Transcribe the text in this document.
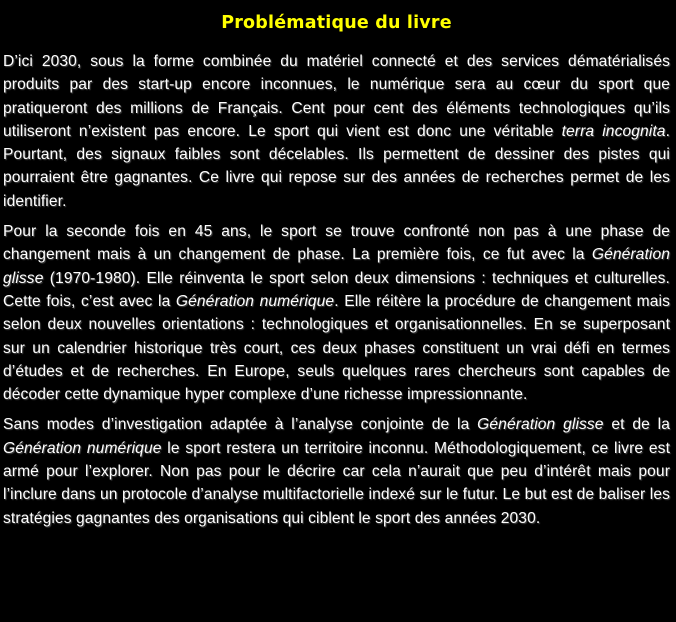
Problématique du livre

D’ici 2030, sous la forme combinée du matériel connecté et des services dématérialisés produits par des start-up encore inconnues, le numérique sera au cœur du sport que pratiqueront des millions de Français. Cent pour cent des éléments technologiques qu’ils utiliseront n’existent pas encore. Le sport qui vient est donc une véritable terra incognita. Pourtant, des signaux faibles sont décelables. Ils permettent de dessiner des pistes qui pourraient être gagnantes. Ce livre qui repose sur des années de recherches permet de les identifier.

Pour la seconde fois en 45 ans, le sport se trouve confronté non pas à une phase de changement mais à un changement de phase. La première fois, ce fut avec la Génération glisse (1970-1980). Elle réinventa le sport selon deux dimensions : techniques et culturelles. Cette fois, c’est avec la Génération numérique. Elle réitère la procédure de changement mais selon deux nouvelles orientations : technologiques et organisationnelles. En se superposant sur un calendrier historique très court, ces deux phases constituent un vrai défi en termes d’études et de recherches. En Europe, seuls quelques rares chercheurs sont capables de décoder cette dynamique hyper complexe d’une richesse impressionnante.

Sans modes d’investigation adaptée à l’analyse conjointe de la Génération glisse et de la Génération numérique le sport restera un territoire inconnu. Méthodologiquement, ce livre est armé pour l’explorer. Non pas pour le décrire car cela n’aurait que peu d’intérêt mais pour l’inclure dans un protocole d’analyse multifactorielle indexé sur le futur. Le but est de baliser les stratégies gagnantes des organisations qui ciblent le sport des années 2030.
